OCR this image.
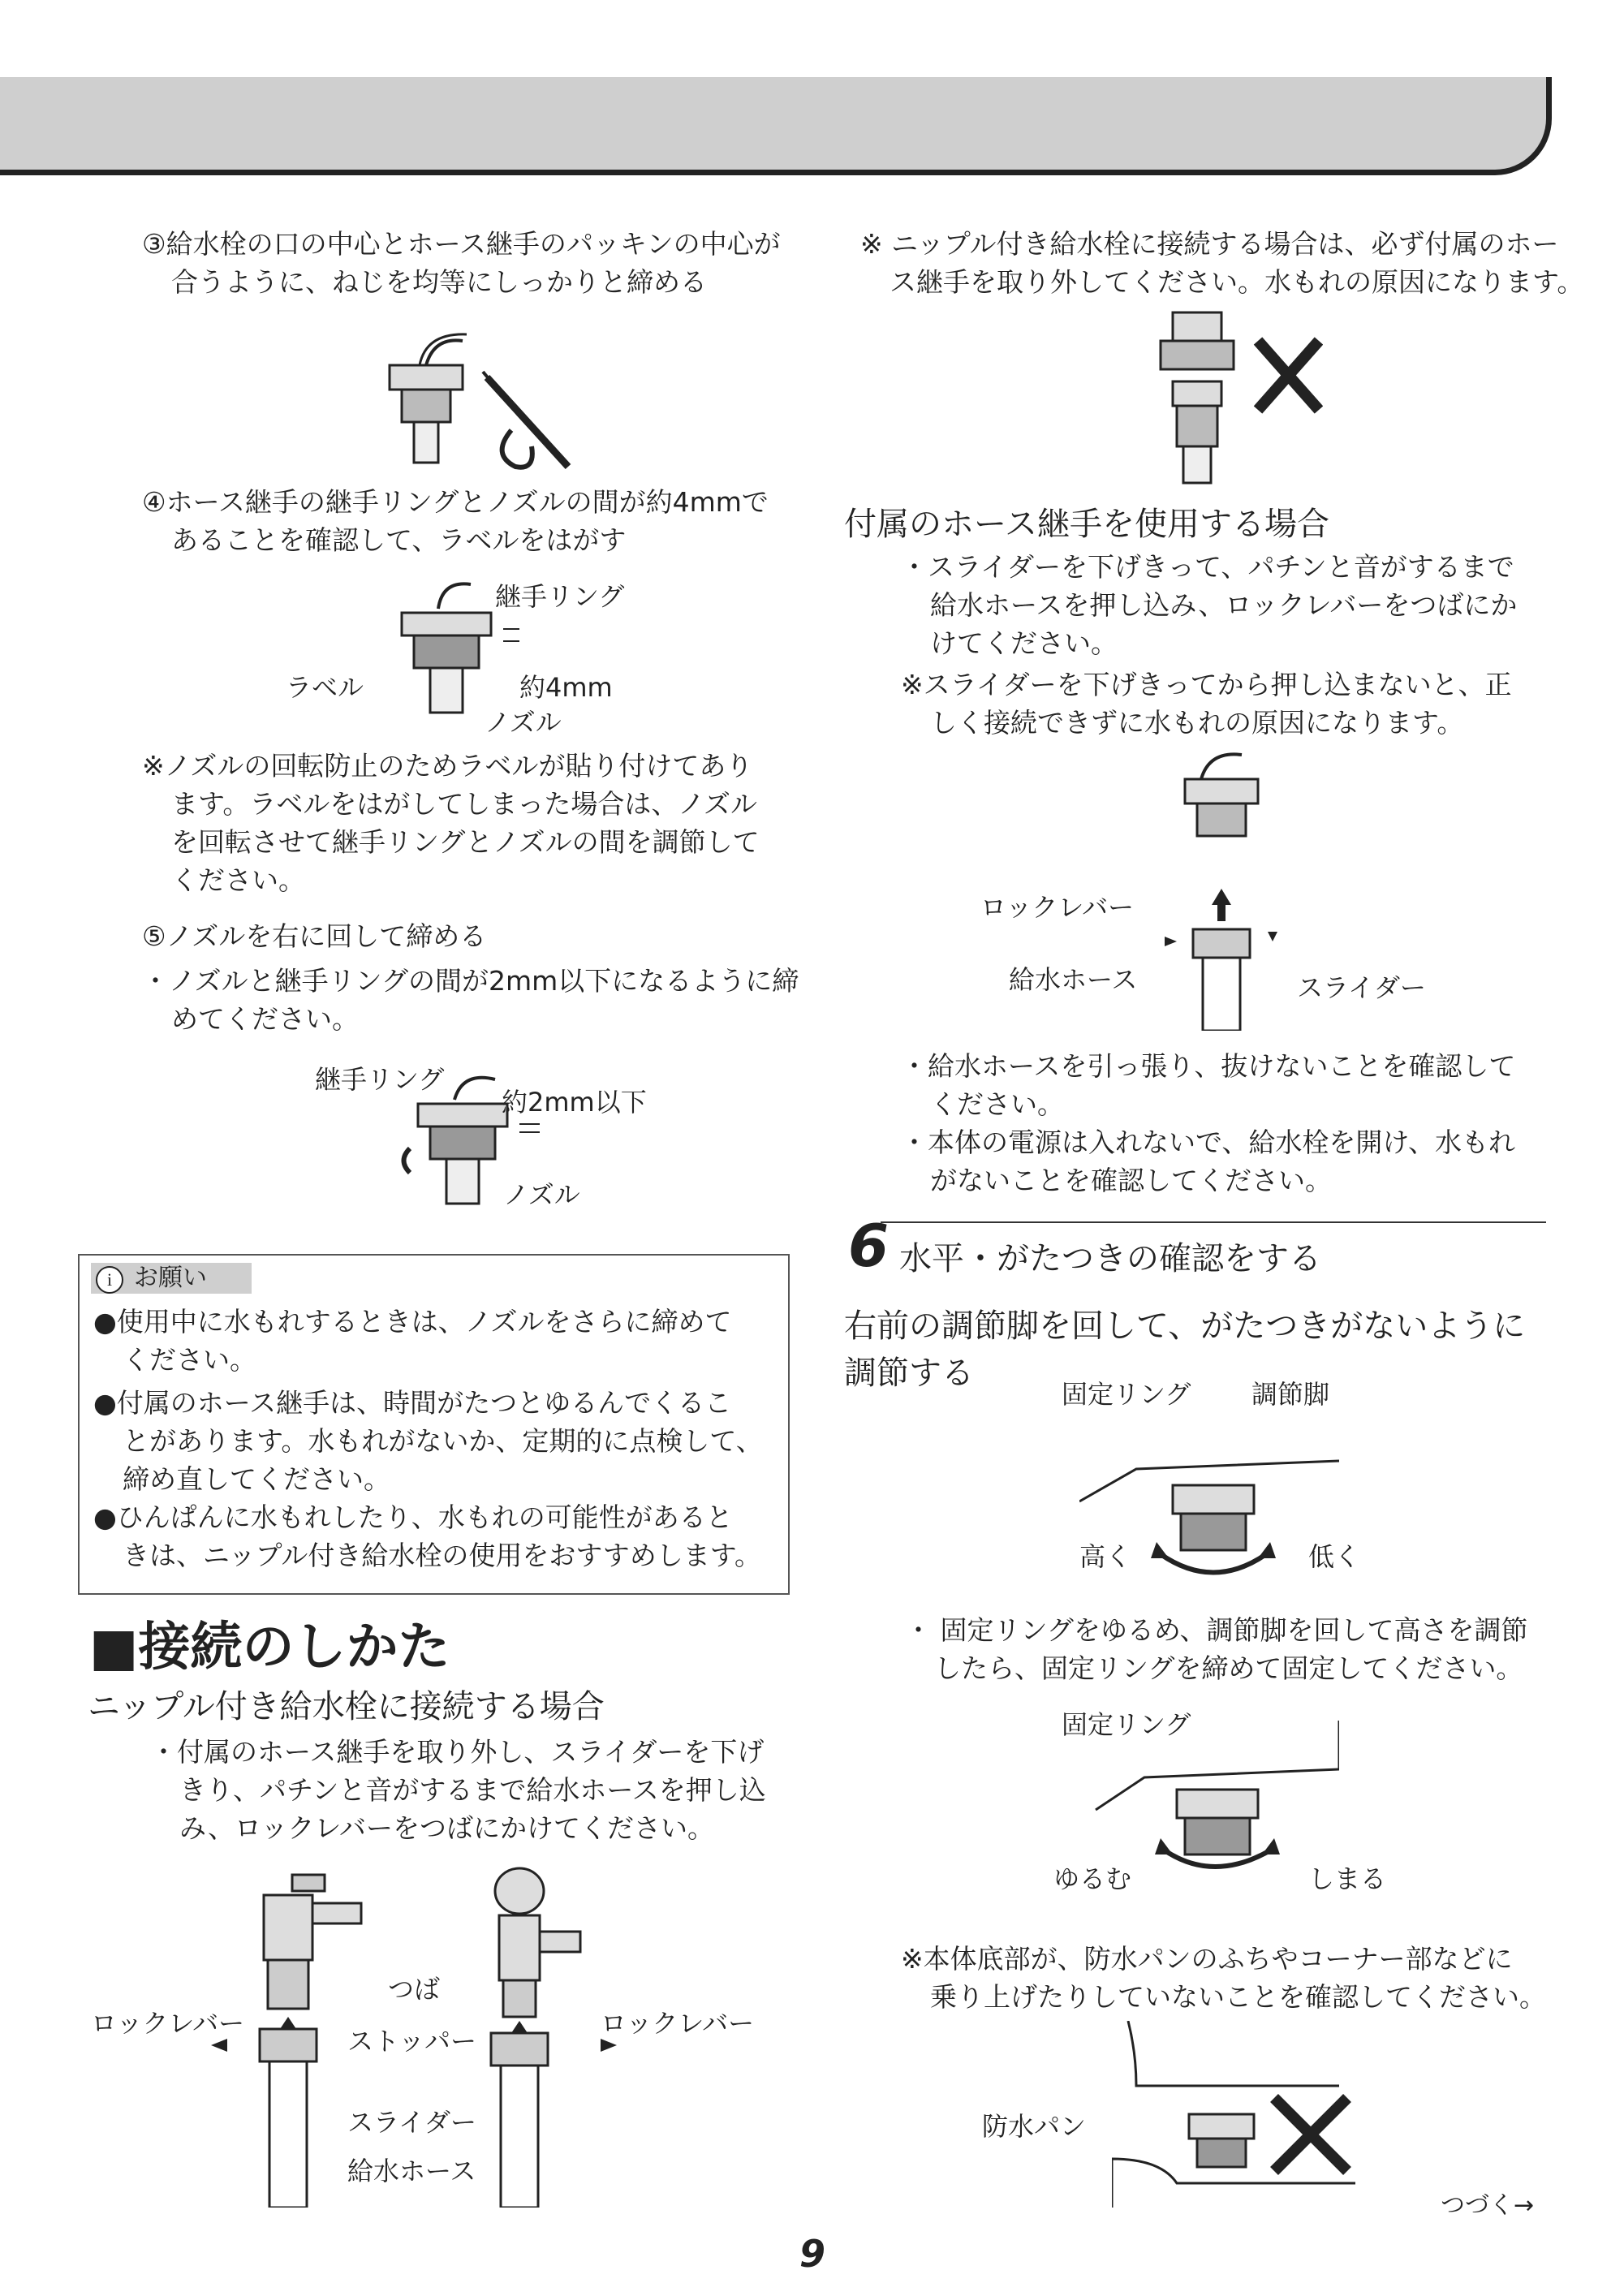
③給水栓の口の中心とホース継手のパッキンの中心が
合うように、ねじを均等にしっかりと締める
④ホース継手の継手リングとノズルの間が約4mmで
あることを確認して、ラベルをはがす
継手リング
ラベル	約4mm
ノズル
※ノズルの回転防止のためラベルが貼り付けてあり
ます。ラベルをはがしてしまった場合は、ノズル
を回転させて継手リングとノズルの間を調節して
ください。
⑤ノズルを右に回して締める
・ノズルと継手リングの間が2mm以下になるように締
めてください。
継手リング
約2mm以下
ノズル
i お願い
●使用中に水もれするときは、ノズルをさらに締めて
ください。
●付属のホース継手は、時間がたつとゆるんでくるこ
とがあります。水もれがないか、定期的に点検して、
締め直してください。
●ひんぱんに水もれしたり、水もれの可能性があると
きは、ニップル付き給水栓の使用をおすすめします。
■接続のしかた
ニップル付き給水栓に接続する場合
・付属のホース継手を取り外し、スライダーを下げ
きり、パチンと音がするまで給水ホースを押し込
み、ロックレバーをつばにかけてください。
つば
ロックレバー
ストッパー
ロックレバー
スライダー
給水ホース
※ ニップル付き給水栓に接続する場合は、必ず付属のホー
ス継手を取り外してください。水もれの原因になります。
付属のホース継手を使用する場合
・スライダーを下げきって、パチンと音がするまで
給水ホースを押し込み、ロックレバーをつばにか
けてください。
※スライダーを下げきってから押し込まないと、正
しく接続できずに水もれの原因になります。
ロックレバー
給水ホース	スライダー
・給水ホースを引っ張り、抜けないことを確認して
ください。
・本体の電源は入れないで、給水栓を開け、水もれ
がないことを確認してください。
6 水平・がたつきの確認をする
右前の調節脚を回して、がたつきがないように
調節する
固定リング 調節脚
高く	低く
・ 固定リングをゆるめ、調節脚を回して高さを調節
したら、固定リングを締めて固定してください。
固定リング
ゆるむ	しまる
※本体底部が、防水パンのふちやコーナー部などに
乗り上げたりしていないことを確認してください。
防水パン
つづく→
9
